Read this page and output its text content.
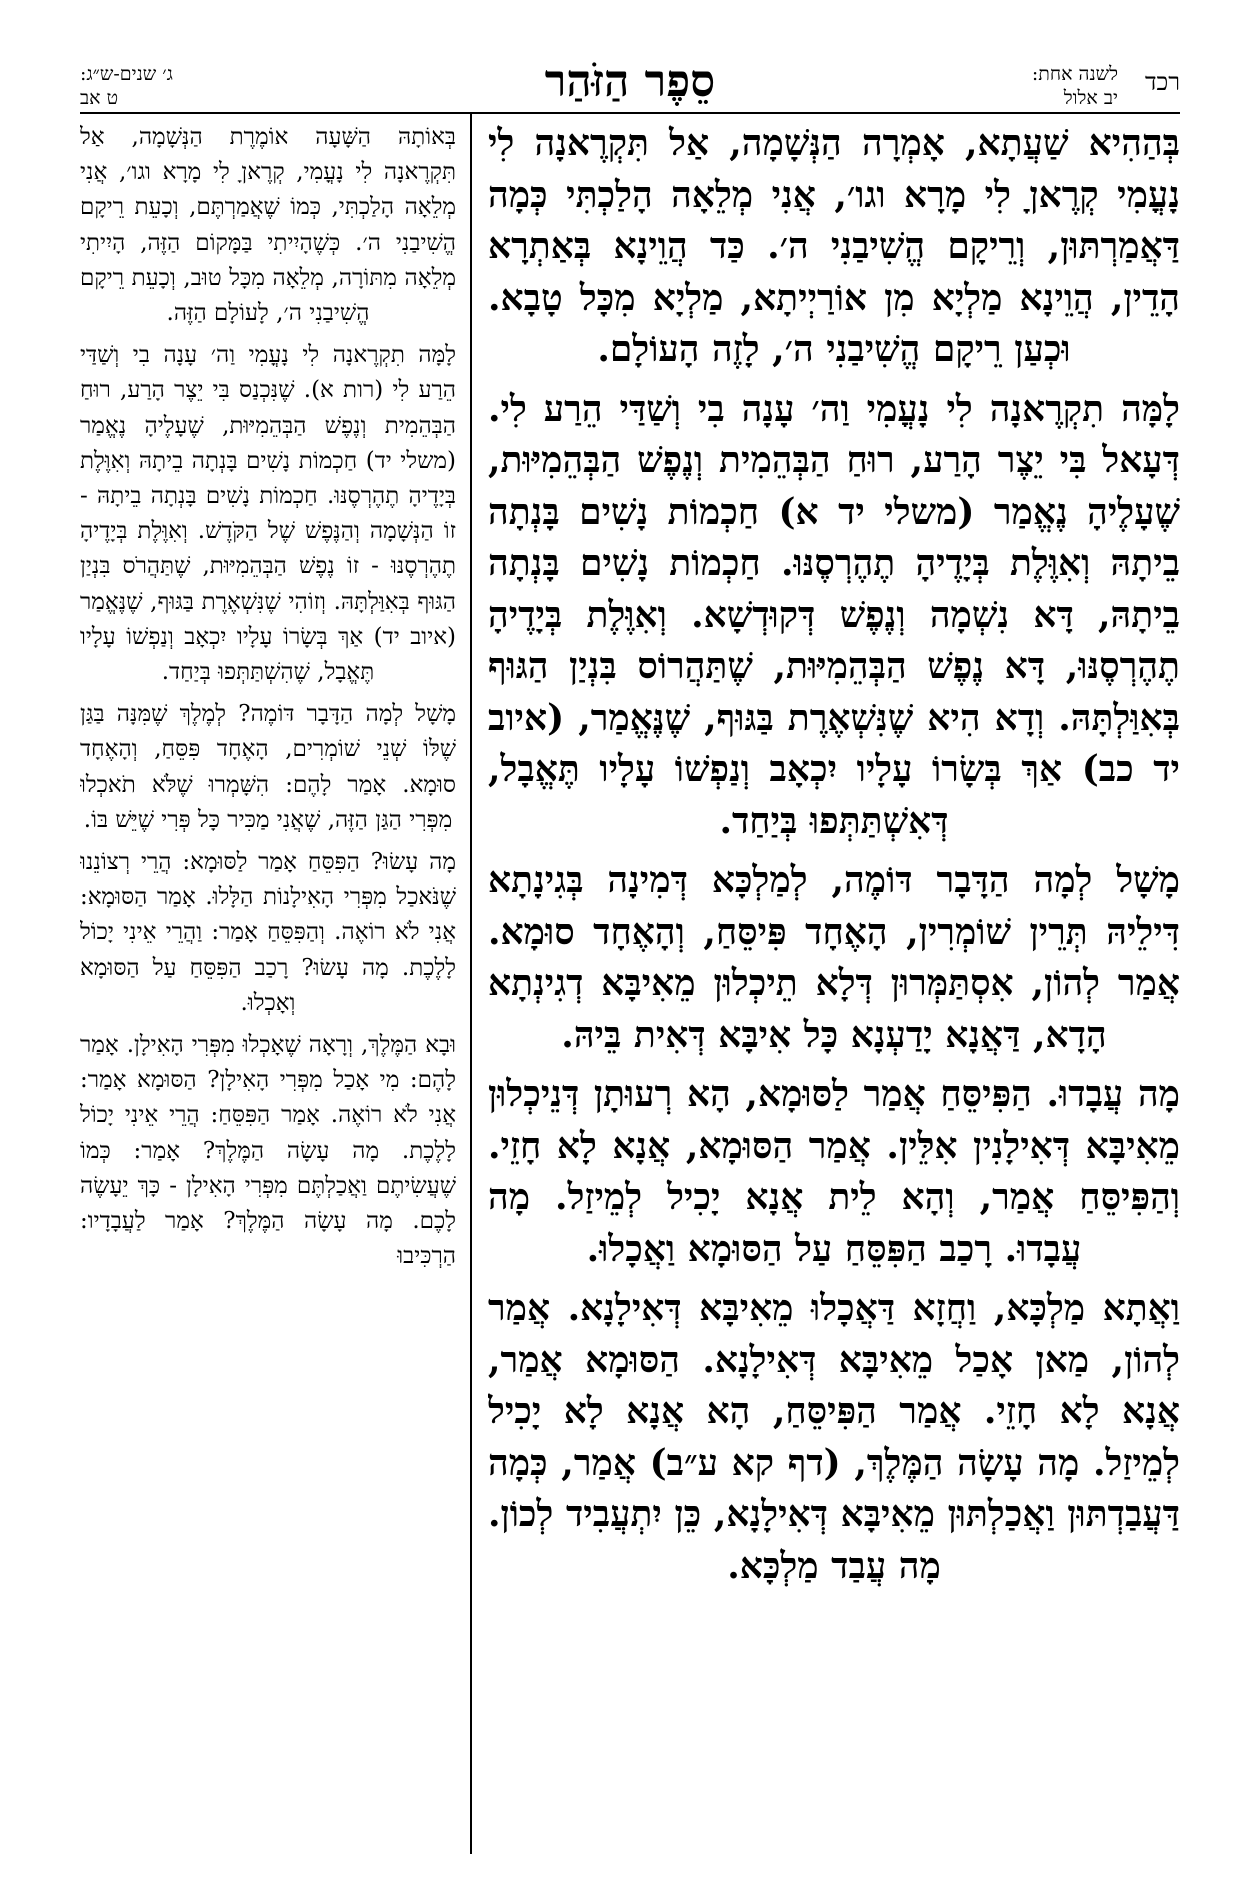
רכד
לשנה אחת:
יב אלול
סֵפֶר הַזֹּהַר
ג׳ שנים-ש״ג:
ט אב

בְּהַהִיא שַׁעֲתָא, אָמְרָה הַנְּשָׁמָה, אַל תִּקְרֶאנָה לִי נָעֳמִי קְרֶאןָ לִי מָרָא וגו׳, אֲנִי מְלֵאָה הָלַכְתִּי כְּמָה דַּאֲמַרְתּוּן, וְרֵיקָם הֱשִׁיבַנִי ה׳. כַּד הֲוֵינָא בְּאַתְרָא הָדֵין, הֲוֵינָא מַלְיָא מִן אוֹרַיְיתָא, מַלְיָא מִכָּל טָבָא. וּכְעַן רֵיקָם הֱשִׁיבַנִי ה׳, לָזֶה הָעוֹלָם.

לָמָּה תִקְרֶאנָה לִי נָעֳמִי וַה׳ עָנָה בִי וְשַׁדַּי הֵרַע לִי. דְּעָאל בִּי יֵצֶר הָרַע, רוּחַ הַבְּהֵמִית וְנֶפֶשׁ הַבְּהֵמִיּוּת, שֶׁעָלֶיהָ נֶאֱמַר (משלי יד א) חַכְמוֹת נָשִׁים בָּנְתָה בֵיתָהּ וְאִוֶּלֶת בְּיָדֶיהָ תֶהֶרְסֶנּוּ. חַכְמוֹת נָשִׁים בָּנְתָה בֵיתָהּ, דָּא נִשְׁמָה וְנֶפֶשׁ דְּקוּדְשָׁא. וְאִוֶּלֶת בְּיָדֶיהָ תֶהֶרְסֶנּוּ, דָּא נֶפֶשׁ הַבְּהֵמִיּוּת, שֶׁתַּהֲרוֹס בִּנְיַן הַגּוּף בְּאִוַּלְתָּהּ. וְדָא הִיא שֶׁנִּשְׁאֶרֶת בַּגּוּף, שֶׁנֶּאֱמַר, (איוב יד כב) אַךְ בְּשָׂרוֹ עָלָיו יִכְאָב וְנַפְשׁוֹ עָלָיו תֶּאֱבָל, דְּאִשְׁתַּתְּפוּ בְּיַחַד.

מָשָׁל לְמָה הַדָּבָר דּוֹמֶה, לְמַלְכָּא דְּמִינָה בְּגִינָתָא דִּילֵיהּ תְּרֵין שׁוֹמְרִין, הָאֶחָד פִּיסֵּחַ, וְהָאֶחָד סוּמָא. אֲמַר לְהוֹן, אִסְתַּמְּרוּן דְּלָא תֵיכְלוּן מֵאִיבָּא דְגִינְתָא הָדָא, דַּאֲנָא יָדַעְנָא כָּל אִיבָּא דְּאִית בֵּיהּ.

מָה עֲבָדוּ. הַפִּיסֵּחַ אֲמַר לַסּוּמָא, הָא רְעוּתָן דְּנֵיכְלוּן מֵאִיבָּא דְּאִילָנִין אִלֵּין. אֲמַר הַסּוּמָא, אֲנָא לָא חָזֵי. וְהַפִּיסֵּחַ אֲמַר, וְהָא לֵית אֲנָא יָכִיל לְמֵיזַל. מָה עֲבָדוּ. רָכַב הַפִּסֵּחַ עַל הַסּוּמָא וַאֲכָלוּ.

וַאֲתָא מַלְכָּא, וַחֲזָא דַּאֲכָלוּ מֵאִיבָּא דְּאִילָנָא. אֲמַר לְהוֹן, מַאן אָכַל מֵאִיבָּא דְּאִילָנָא. הַסּוּמָא אֲמַר, אֲנָא לָא חָזֵי. אֲמַר הַפִּיסֵּחַ, הָא אֲנָא לָא יָכִיל לְמֵיזַל. מָה עָשָׂה הַמֶּלֶךְ, (דף קא ע״ב) אֲמַר, כְּמָה דַּעֲבַדְתּוּן וַאֲכַלְתּוּן מֵאִיבָּא דְּאִילָנָא, כֵּן יִתְעֲבִיד לְכוֹן. מָה עֲבַד מַלְכָּא.

בְּאוֹתָהּ הַשָּׁעָה אוֹמֶרֶת הַנְּשָׁמָה, אַל תִּקְרֶאנָה לִי נָעֳמִי, קְרֶאןָ לִי מָרָא וגו׳, אֲנִי מְלֵאָה הָלַכְתִּי, כְּמוֹ שֶׁאֲמַרְתֶּם, וְכָעֵת רֵיקָם הֱשִׁיבַנִי ה׳. כְּשֶׁהָיִיתִי בַּמָּקוֹם הַזֶּה, הָיִיתִי מְלֵאָה מִתּוֹרָה, מְלֵאָה מִכָּל טוּב, וְכָעֵת רֵיקָם הֱשִׁיבַנִי ה׳, לָעוֹלָם הַזֶּה.

לָמָּה תִקְרֶאנָה לִי נָעֳמִי וַה׳ עָנָה בִי וְשַׁדַּי הֵרַע לִי (רות א). שֶׁנִּכְנַס בִּי יֵצֶר הָרַע, רוּחַ הַבְּהֵמִית וְנֶפֶשׁ הַבְּהֵמִיּוּת, שֶׁעָלֶיהָ נֶאֱמַר (משלי יד) חַכְמוֹת נָשִׁים בָּנְתָה בֵיתָהּ וְאִוֶּלֶת בְּיָדֶיהָ תֶהֶרְסֶנּוּ. חַכְמוֹת נָשִׁים בָּנְתָה בֵיתָהּ - זוֹ הַנְּשָׁמָה וְהַנֶּפֶשׁ שֶׁל הַקֹּדֶשׁ. וְאִוֶּלֶת בְּיָדֶיהָ תֶהֶרְסֶנּוּ - זוֹ נֶפֶשׁ הַבְּהֵמִיּוּת, שֶׁתַּהֲרֹס בִּנְיַן הַגּוּף בְּאִוַּלְתָּהּ. וְזוֹהִי שֶׁנִּשְׁאֶרֶת בַּגּוּף, שֶׁנֶּאֱמַר (איוב יד) אַךְ בְּשָׂרוֹ עָלָיו יִכְאָב וְנַפְשׁוֹ עָלָיו תֶּאֱבָל, שֶׁהִשְׁתַּתְּפוּ בְּיַחַד.

מָשָׁל לְמָה הַדָּבָר דּוֹמֶה? לְמֶלֶךְ שֶׁמִּנָּה בַּגַּן שֶׁלּוֹ שְׁנֵי שׁוֹמְרִים, הָאֶחָד פִּסֵּחַ, וְהָאֶחָד סוּמָא. אָמַר לָהֶם: הִשָּׁמְרוּ שֶׁלֹּא תֹאכְלוּ מִפְּרִי הַגַּן הַזֶּה, שֶׁאֲנִי מַכִּיר כָּל פְּרִי שֶׁיֵּשׁ בּוֹ.

מָה עָשׂוּ? הַפִּסֵּחַ אָמַר לַסּוּמָא: הֲרֵי רְצוֹנֵנוּ שֶׁנֹּאכַל מִפְּרִי הָאִילָנוֹת הַלָּלוּ. אָמַר הַסּוּמָא: אֲנִי לֹא רוֹאֶה. וְהַפִּסֵּחַ אָמַר: וַהֲרֵי אֵינִי יָכוֹל לָלֶכֶת. מָה עָשׂוּ? רָכַב הַפִּסֵּחַ עַל הַסּוּמָא וְאָכְלוּ.

וּבָא הַמֶּלֶךְ, וְרָאָה שֶׁאָכְלוּ מִפְּרִי הָאִילָן. אָמַר לָהֶם: מִי אָכַל מִפְּרִי הָאִילָן? הַסּוּמָא אָמַר: אֲנִי לֹא רוֹאֶה. אָמַר הַפִּסֵּחַ: הֲרֵי אֵינִי יָכוֹל לָלֶכֶת. מָה עָשָׂה הַמֶּלֶךְ? אָמַר: כְּמוֹ שֶׁעֲשִׂיתֶם וַאֲכַלְתֶּם מִפְּרִי הָאִילָן - כָּךְ יֵעָשֶׂה לָכֶם. מָה עָשָׂה הַמֶּלֶךְ? אָמַר לַעֲבָדָיו: הַרְכִּיבוּ
